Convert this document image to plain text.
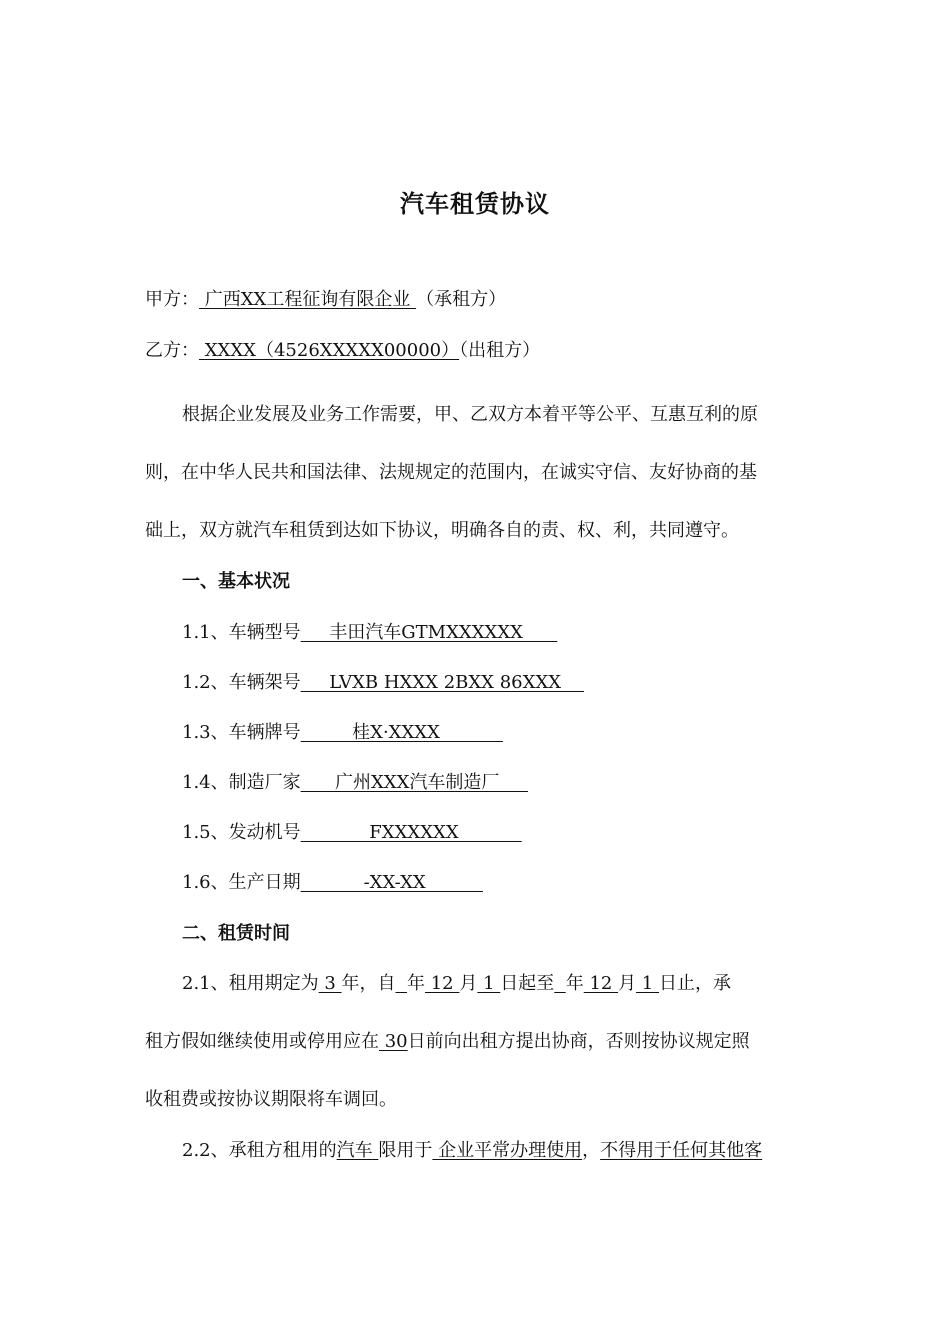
汽车租赁协议
甲方： 广西XX工程征询有限企业 （承租方）
乙方： XXXX（4526XXXXX00000）（出租方）
根据企业发展及业务工作需要，甲、乙双方本着平等公平、互惠互利的原
则，在中华人民共和国法律、法规规定的范围内，在诚实守信、友好协商的基
础上，双方就汽车租赁到达如下协议，明确各自的责、权、利，共同遵守。
一、基本状况
1.1、车辆型号     丰田汽车GTMXXXXXX
1.2、车辆架号     LVXB HXXX 2BXX 86XXX
1.3、车辆牌号         桂X·XXXX
1.4、制造厂家      广州XXX汽车制造厂
1.5、发动机号            FXXXXXX
1.6、生产日期           -XX-XX
二、租赁时间
2.1、租用期定为 3 年，自 年 12 月 1 日起至 年 12 月 1 日止，承
租方假如继续使用或停用应在 30日前向出租方提出协商，否则按协议规定照
收租费或按协议期限将车调回。
2.2、承租方租用的汽车 限用于 企业平常办理使用，不得用于任何其他客
